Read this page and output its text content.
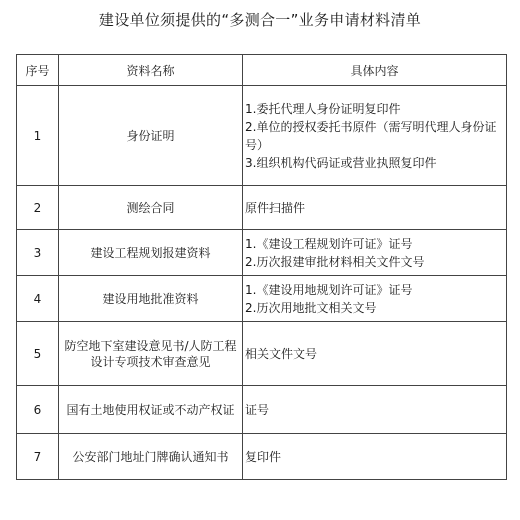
建设单位须提供的“多测合一”业务申请材料清单
序号	资料名称	具体内容
1	身份证明	1.委托代理人身份证明复印件
2.单位的授权委托书原件（需写明代理人身份证号）
3.组织机构代码证或营业执照复印件

2	测绘合同	原件扫描件

3	建设工程规划报建资料	1.《建设工程规划许可证》证号
2.历次报建审批材料相关文件文号

4	建设用地批准资料	1.《建设用地规划许可证》证号
2.历次用地批文相关文号

5	防空地下室建设意见书/人防工程设计专项技术审查意见	相关文件文号

6	国有土地使用权证或不动产权证	证号

7	公安部门地址门牌确认通知书	复印件
